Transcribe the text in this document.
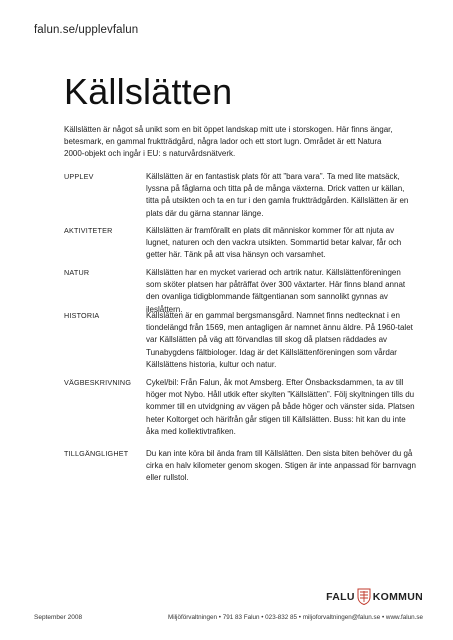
falun.se/upplevfalun
Källslätten

Källslätten är något så unikt som en bit öppet landskap mitt ute i storskogen. Här finns ängar, betesmark, en gammal fruktträdgård, några lador och ett stort lugn. Området är ett Natura 2000-objekt och ingår i EU: s naturvårdsnätverk.

UPPLEV	Källslätten är en fantastisk plats för att ”bara vara”. Ta med lite matsäck, lyssna på fåglarna och titta på de många växterna. Drick vatten ur källan, titta på utsikten och ta en tur i den gamla fruktträdgården. Källslätten är en plats där du gärna stannar länge.

AKTIVITETER	Källslätten är framförallt en plats dit människor kommer för att njuta av lugnet, naturen och den vackra utsikten. Sommartid betar kalvar, får och getter här. Tänk på att visa hänsyn och varsamhet.

NATUR	Källslätten har en mycket varierad och artrik natur. Källslättenföreningen som sköter platsen har påträffat över 300 växtarter. Här finns bland annat den ovanliga tidigblommande fältgentianan som sannolikt gynnas av ileslåttern.

HISTORIA	Källslätten är en gammal bergsmansgård. Namnet finns nedtecknat i en tiondelängd från 1569, men antagligen är namnet ännu äldre. På 1960-talet var Källslätten på väg att förvandlas till skog då platsen räddades av Tunabygdens fältbiologer. Idag är det Källslättenföreningen som vårdar Källslättens historia, kultur och natur.

VÄGBESKRIVNING	Cykel/bil: Från Falun, åk mot Amsberg. Efter Önsbacksdammen, ta av till höger mot Nybo. Håll utkik efter skylten ”Källslätten”. Följ skyltningen tills du kommer till en utvidgning av vägen på både höger och vänster sida. Platsen heter Koltorget och härifrån går stigen till Källslätten. Buss: hit kan du inte åka med kollektivtrafiken.

TILLGÄNGLIGHET	Du kan inte köra bil ända fram till Källslätten. Den sista biten behöver du gå cirka en halv kilometer genom skogen. Stigen är inte anpassad för barnvagn eller rullstol.

FALU KOMMUN
September 2008	Miljöförvaltningen • 791 83 Falun • 023-832 85 • miljoforvaltningen@falun.se • www.falun.se
